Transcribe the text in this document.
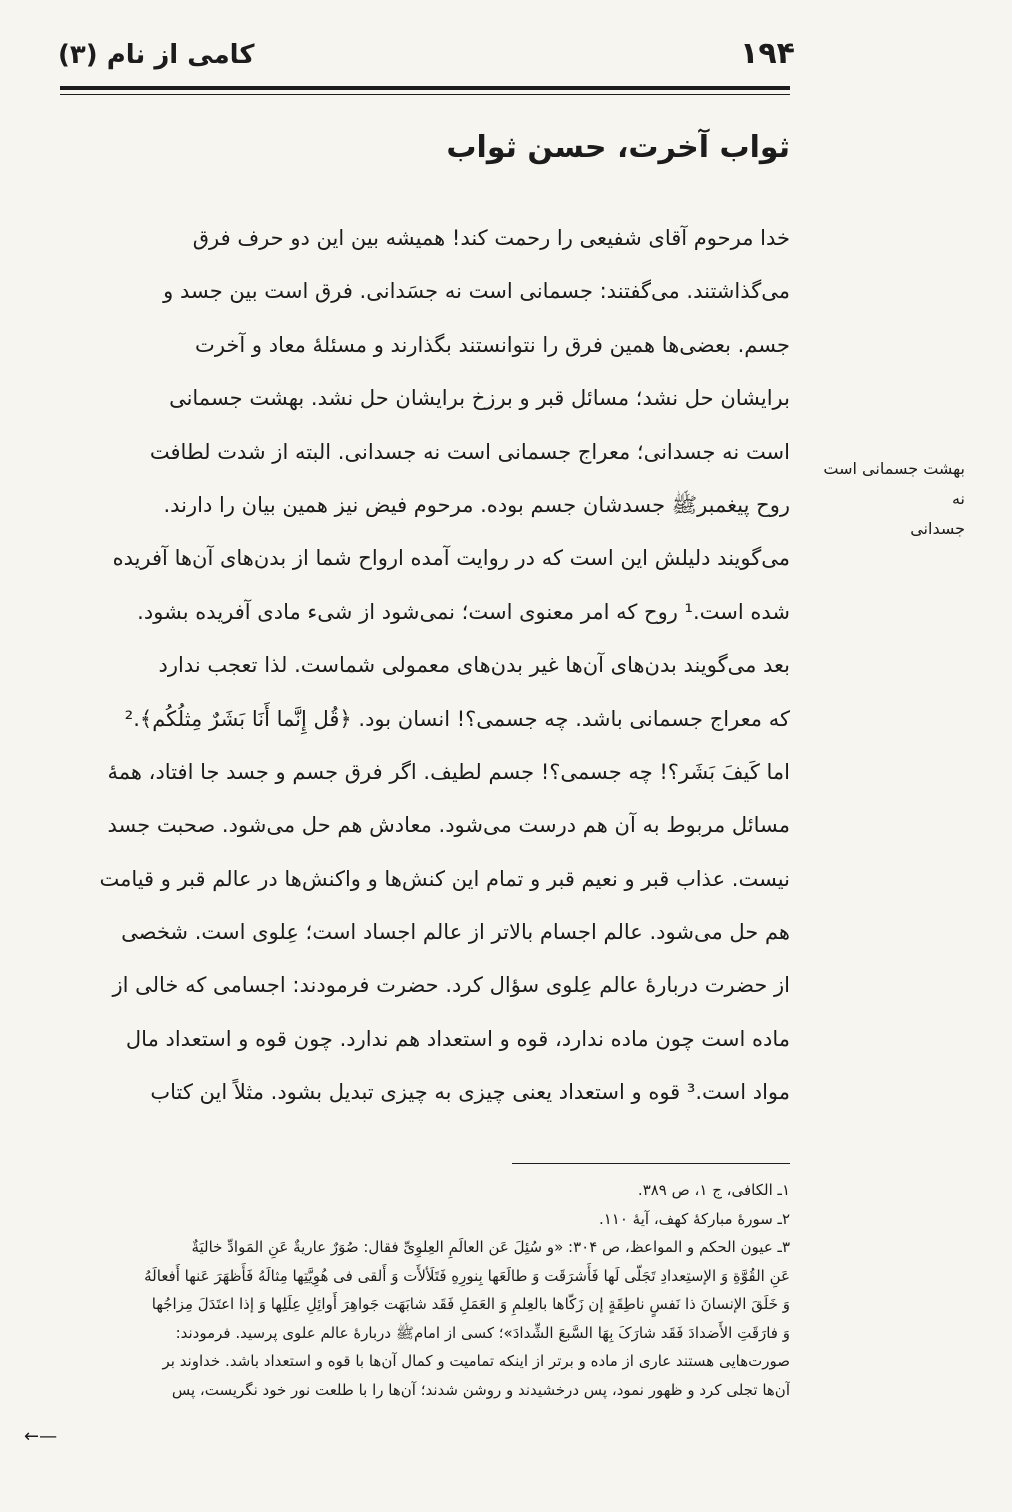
کامی از نام (۳)	۱۹۴
ثواب آخرت، حسن ثواب
خدا مرحوم آقای شفیعی را رحمت کند! همیشه بین این دو حرف فرق
می‌گذاشتند. می‌گفتند: جسمانی است نه جسَدانی. فرق است بین جسد و
جسم. بعضی‌ها همین فرق را نتوانستند بگذارند و مسئلهٔ معاد و آخرت
برایشان حل نشد؛ مسائل قبر و برزخ برایشان حل نشد. بهشت جسمانی
است نه جسدانی؛ معراج جسمانی است نه جسدانی. البته از شدت لطافت
روح پیغمبرﷺ جسدشان جسم بوده. مرحوم فیض نیز همین بیان را دارند.
می‌گویند دلیلش این است که در روایت آمده ارواح شما از بدن‌های آن‌ها آفریده
شده است.¹ روح که امر معنوی است؛ نمی‌شود از شیء مادی آفریده بشود.
بعد می‌گویند بدن‌های آن‌ها غیر بدن‌های معمولی شماست. لذا تعجب ندارد
که معراج جسمانی باشد. چه جسمی؟! انسان بود. ﴿قُل إِنَّما أَنَا بَشَرٌ مِثلُکُم﴾.²
اما کَیفَ بَشَر؟! چه جسمی؟! جسم لطیف. اگر فرق جسم و جسد جا افتاد، همهٔ
مسائل مربوط به آن هم درست می‌شود. معادش هم حل می‌شود. صحبت جسد
نیست. عذاب قبر و نعیم قبر و تمام این کنش‌ها و واکنش‌ها در عالم قبر و قیامت
هم حل می‌شود. عالم اجسام بالاتر از عالم اجساد است؛ عِلوی است. شخصی
از حضرت دربارهٔ عالم عِلوی سؤال کرد. حضرت فرمودند: اجسامی که خالی از
ماده است چون ماده ندارد، قوه و استعداد هم ندارد. چون قوه و استعداد مال
مواد است.³ قوه و استعداد یعنی چیزی به چیزی تبدیل بشود. مثلاً این کتاب
بهشت جسمانی است نه
جسدانی
۱ـ الکافی، ج ۱، ص ۳۸۹.
۲ـ سورهٔ مبارکهٔ کهف، آیهٔ ۱۱۰.
۳ـ عیون الحکم و المواعظ، ص ۳۰۴: «و سُئِلَ عَن العالَمِ العِلوِیِّ فقال: صُوَرٌ عاریةٌ عَنِ المَوادِّ خالیَةٌ
عَنِ القُوَّةِ وَ الإستِعدادِ تَجَلّی لَها فَأَشرَقَت وَ طالَعَها بِنورِهِ فَتَلَألأَت وَ أَلقی فی هُوِیَّتِها مِثالَهُ فَأَظهَرَ عَنها أَفعالَهُ
وَ خَلَقَ الإنسانَ ذا نَفسٍ ناطِقَةٍ إن زَکّاها بالعِلمِ وَ العَمَلِ فَقَد شابَهَت جَواهِرَ أَوائِلِ عِلَلِها وَ إذا اعتَدَلَ مِزاجُها
وَ فارَقَتِ الأَضدادَ فَقَد شارَکَ بِهَا السَّبعَ الشِّدادَ»؛ کسی از امامﷺ دربارهٔ عالم علوی پرسید. فرمودند:
صورت‌هایی هستند عاری از ماده و برتر از اینکه تمامیت و کمال آن‌ها با قوه و استعداد باشد. خداوند بر
آن‌ها تجلی کرد و ظهور نمود، پس درخشیدند و روشن شدند؛ آن‌ها را با طلعت نور خود نگریست، پس
←—
